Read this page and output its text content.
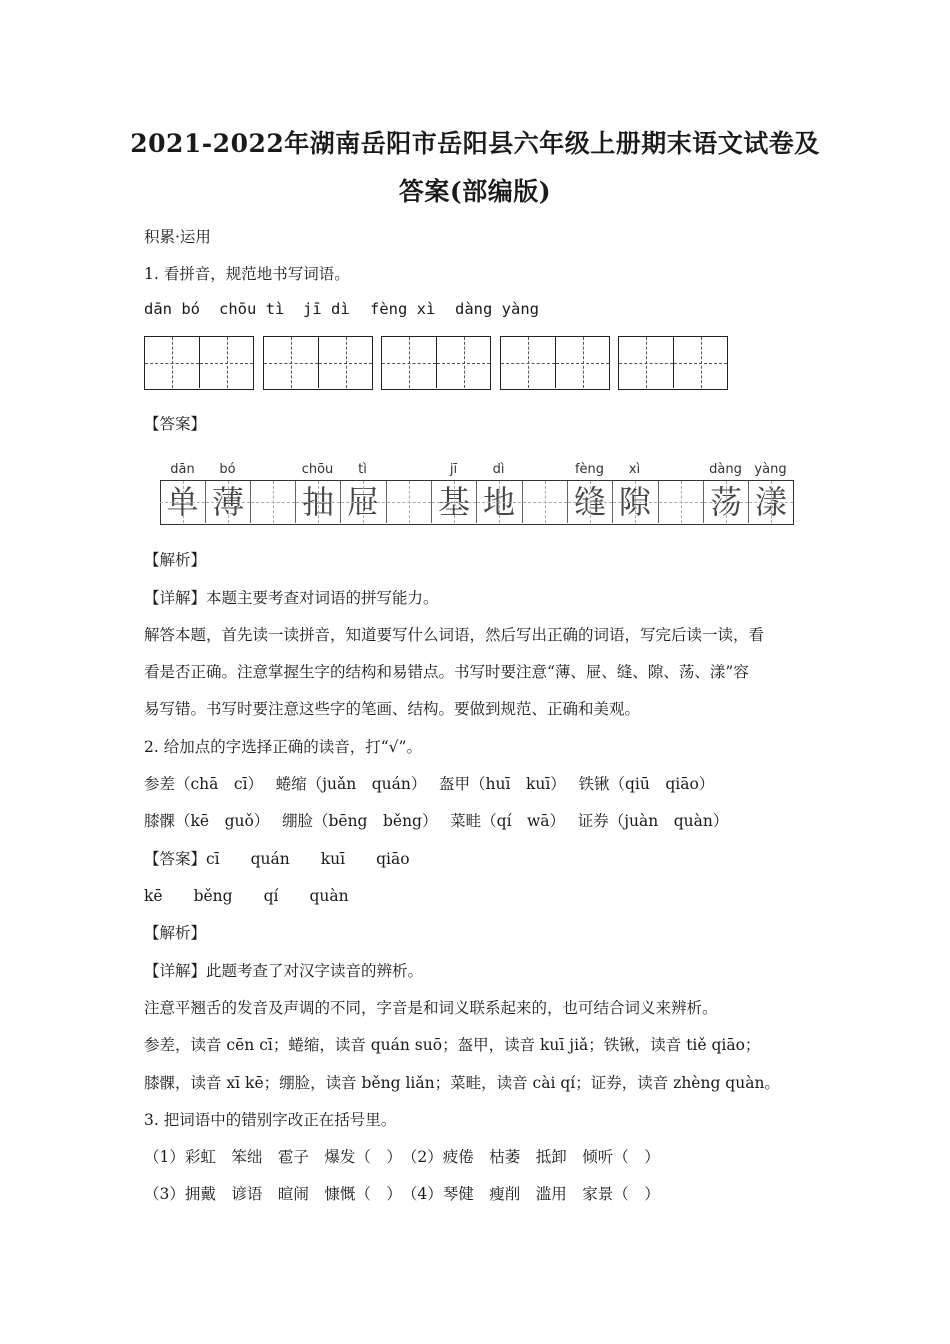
2021-2022年湖南岳阳市岳阳县六年级上册期末语文试卷及
答案(部编版)
积累·运用
1. 看拼音，规范地书写词语。
dān bó chōu tì jī dì fèng xì dàng yàng
【答案】
dān	bó	chōu	tì	jī	dì	fèng	xì	dàng yàng
单 薄 抽 屉 基 地 缝 隙 荡 漾
【解析】
【详解】本题主要考查对词语的拼写能力。
解答本题，首先读一读拼音，知道要写什么词语，然后写出正确的词语，写完后读一读，看
看是否正确。注意掌握生字的结构和易错点。书写时要注意“薄、屉、缝、隙、荡、漾”容
易写错。书写时要注意这些字的笔画、结构。要做到规范、正确和美观。
2. 给加点的字选择正确的读音，打“√”。
参差（chā　cī）　 蜷缩（juǎn　quán）　 盔甲（huī　kuī）　 铁锹（qiū　qiāo）
膝髁（kē　guǒ）　 绷脸（bēng　běng）　 菜畦（qí　wā）　 证券（juàn　quàn）
【答案】cī　　quán　　kuī　　qiāo
kē　　běng　　qí　　quàn
【解析】
【详解】此题考查了对汉字读音的辨析。
注意平翘舌的发音及声调的不同，字音是和词义联系起来的，也可结合词义来辨析。
参差，读音 cēn cī；蜷缩，读音 quán suō；盔甲，读音 kuī jiǎ；铁锹，读音 tiě qiāo；
膝髁，读音 xī kē；绷脸，读音 běng liǎn；菜畦，读音 cài qí；证券，读音 zhèng quàn。
3. 把词语中的错别字改正在括号里。
（1）彩虹　笨绌　雹子　爆发（　）　（2）疲倦　枯萎　抵卸　倾听（　）
（3）拥戴　谚语　暄闹　慷慨（　）　（4）琴健　瘦削　滥用　家景（　）
